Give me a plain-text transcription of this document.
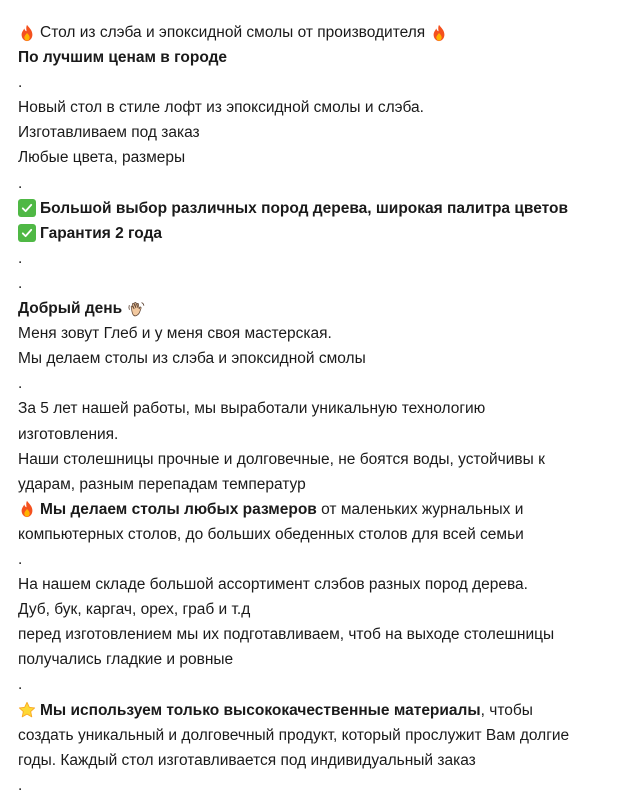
Стол из слэба и эпоксидной смолы от производителя
По лучшим ценам в городе
.
Новый стол в стиле лофт из эпоксидной смолы и слэба.
Изготавливаем под заказ
Любые цвета, размеры
.
Большой выбор различных пород дерева, широкая палитра цветов
Гарантия 2 года
.
.
Добрый день
Меня зовут Глеб и у меня своя мастерская.
Мы делаем столы из слэба и эпоксидной смолы
.
За 5 лет нашей работы, мы выработали уникальную технологию
изготовления.
Наши столешницы прочные и долговечные, не боятся воды, устойчивы к
ударам, разным перепадам температур
Мы делаем столы любых размеров от маленьких журнальных и
компьютерных столов, до больших обеденных столов для всей семьи
.
На нашем складе большой ассортимент слэбов разных пород дерева.
Дуб, бук, каргач, орех, граб и т.д
перед изготовлением мы их подготавливаем, чтоб на выходе столешницы
получались гладкие и ровные
.
Мы используем только высококачественные материалы , чтобы
создать уникальный и долговечный продукт, который прослужит Вам долгие
годы. Каждый стол изготавливается под индивидуальный заказ
.
